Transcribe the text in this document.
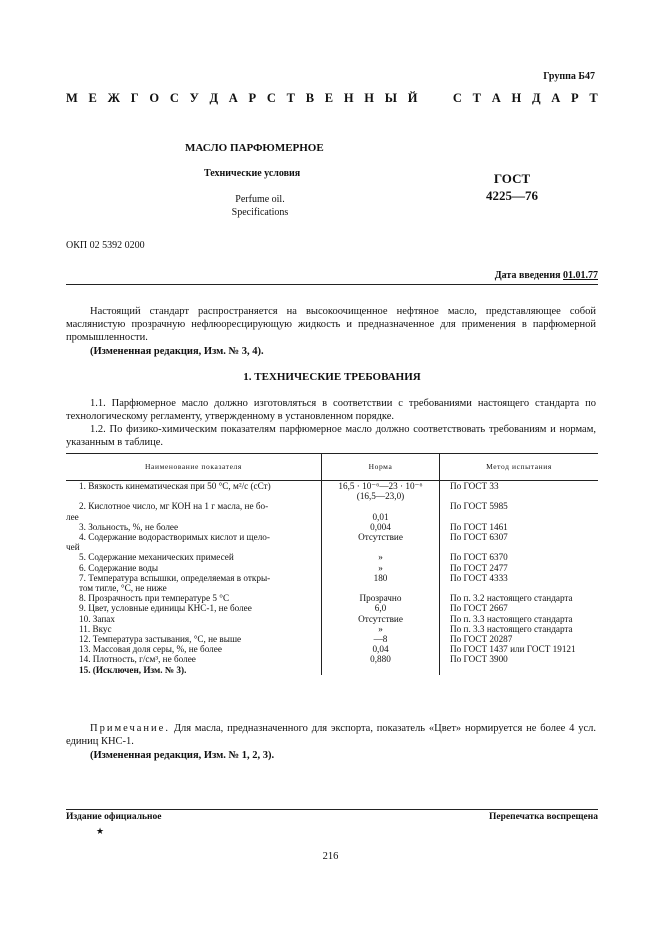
Группа Б47
М Е Ж Г О С У Д А Р С Т В Е Н Н Ы Й	С Т А Н Д А Р Т
МАСЛО ПАРФЮМЕРНОЕ
Технические условия
Perfume oil.
Specifications
ГОСТ
4225—76
ОКП 02 5392 0200
Дата введения 01.01.77
Настоящий стандарт распространяется на высокоочищенное нефтяное масло, представляющее собой маслянистую прозрачную нефлюоресцирующую жидкость и предназначенное для применения в парфюмерной промышленности.
(Измененная редакция, Изм. № 3, 4).
1. ТЕХНИЧЕСКИЕ ТРЕБОВАНИЯ
1.1. Парфюмерное масло должно изготовляться в соответствии с требованиями настоящего стандарта по технологическому регламенту, утвержденному в установленном порядке.
1.2. По физико-химическим показателям парфюмерное масло должно соответствовать требованиям и нормам, указанным в таблице.
Наименование показателя	Норма	Метод испытания

1. Вязкость кинематическая при 50 °С, м²/с (сСт)	16,5 · 10⁻⁶—23 · 10⁻⁶
(16,5—23,0)	По ГОСТ 33

2. Кислотное число, мг КОН на 1 г масла, не бо-
лее	0,01	По ГОСТ 5985

3. Зольность, %, не более	0,004	По ГОСТ 1461

4. Содержание водорастворимых кислот и щело-
чей	Отсутствие	По ГОСТ 6307

5. Содержание механических примесей	»	По ГОСТ 6370

6. Содержание воды	»	По ГОСТ 2477

7. Температура вспышки, определяемая в откры-
том тигле, °С, не ниже	180	По ГОСТ 4333

8. Прозрачность при температуре 5 °С	Прозрачно	По п. 3.2 настоящего стандарта

9. Цвет, условные единицы КНС-1, не более	6,0	По ГОСТ 2667

10. Запах	Отсутствие	По п. 3.3 настоящего стандарта

11. Вкус	»	По п. 3.3 настоящего стандарта

12. Температура застывания, °С, не выше	—8	По ГОСТ 20287

13. Массовая доля серы, %, не более	0,04	По ГОСТ 1437 или ГОСТ 19121

14. Плотность, г/см³, не более	0,880	По ГОСТ 3900

15. (Исключен, Изм. № 3).		

Примечание. Для масла, предназначенного для экспорта, показатель «Цвет» нормируется не более 4 усл. единиц КНС-1.
(Измененная редакция, Изм. № 1, 2, 3).
Издание официальное	Перепечатка воспрещена
★
216
